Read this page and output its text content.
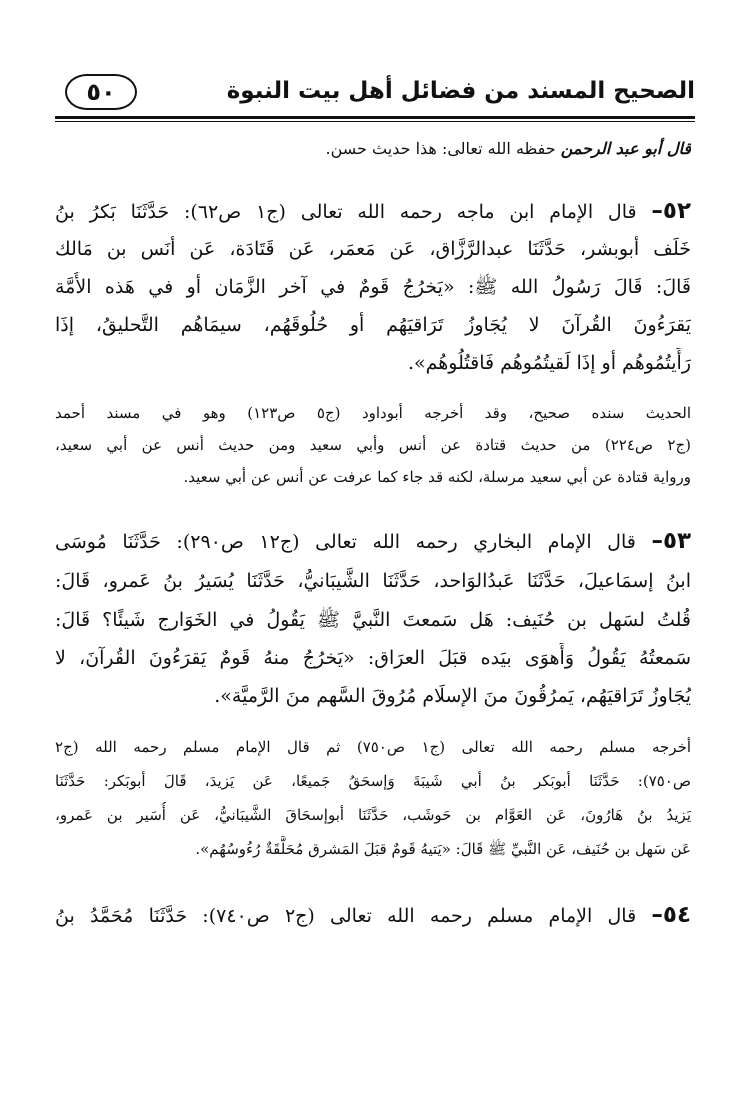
الصحيح المسند من فضائل أهل بيت النبوة
٥٠
قال أبو عبد الرحمن حفظه الله تعالى: هذا حديث حسن.
٥٢– قال الإمام ابن ماجه رحمه الله تعالى (ج١ ص٦٢): حَدَّثَنَا بَكرُ بنُ
خَلَف أبوبشر، حَدَّثَنَا عبدالرَّزَّاق، عَن مَعمَر، عَن قَتَادَة، عَن أنَس بن مَالك
قَالَ: قَالَ رَسُولُ الله ﷺ: «يَخرُجُ قَومٌ في آخر الزَّمَان أو في هَذه الأُمَّة
يَقرَءُونَ القُرآنَ لا يُجَاوزُ تَرَاقيَهُم أو حُلُوقَهُم، سيمَاهُم التَّحليقُ، إذَا
رَأَيتُمُوهُم أو إذَا لَقيتُمُوهُم فَاقتُلُوهُم».
الحديث سنده صحيح، وقد أخرجه أبوداود (ج٥ ص١٢٣) وهو في مسند أحمد
(ج٢ ص٢٢٤) من حديث قتادة عن أنس وأبي سعيد ومن حديث أنس عن أبي سعيد،
ورواية قتادة عن أبي سعيد مرسلة، لكنه قد جاء كما عرفت عن أنس عن أبي سعيد.
٥٣– قال الإمام البخاري رحمه الله تعالى (ج١٢ ص٢٩٠): حَدَّثَنَا مُوسَى
ابنُ إسمَاعيلَ، حَدَّثَنَا عَبدُالوَاحد، حَدَّثَنَا الشَّيبَانيُّ، حَدَّثَنَا يُسَيرُ بنُ عَمرو، قَالَ:
قُلتُ لسَهل بن حُنَيف: هَل سَمعتَ النَّبيَّ ﷺ يَقُولُ في الخَوَارج شَيئًا؟ قَالَ:
سَمعتُهُ يَقُولُ وَأَهوَى بيَده قبَلَ العرَاق: «يَخرُجُ منهُ قَومٌ يَقرَءُونَ القُرآنَ، لا
يُجَاوزُ تَرَاقيَهُم، يَمرُقُونَ منَ الإسلَام مُرُوقَ السَّهم منَ الرَّميَّة».
أخرجه مسلم رحمه الله تعالى (ج١ ص٧٥٠) ثم قال الإمام مسلم رحمه الله (ج٢
ص٧٥٠): حَدَّثَنَا أبوبَكر بنُ أبي شَيبَةَ وَإسحَقُ جَميعًا، عَن يَزيدَ، قَالَ أبوبَكر: حَدَّثَنَا
يَزيدُ بنُ هَارُونَ، عَن العَوَّام بن حَوشَب، حَدَّثَنَا أبوإسحَاقَ الشَّيبَانيُّ، عَن أُسَير بن عَمرو،
عَن سَهل بن حُنَيف، عَن النَّبيِّ ﷺ قَالَ: «يَتيهُ قَومٌ قبَلَ المَشرق مُحَلَّقَةٌ رُءُوسُهُم».
٥٤– قال الإمام مسلم رحمه الله تعالى (ج٢ ص٧٤٠): حَدَّثَنَا مُحَمَّدُ بنُ
